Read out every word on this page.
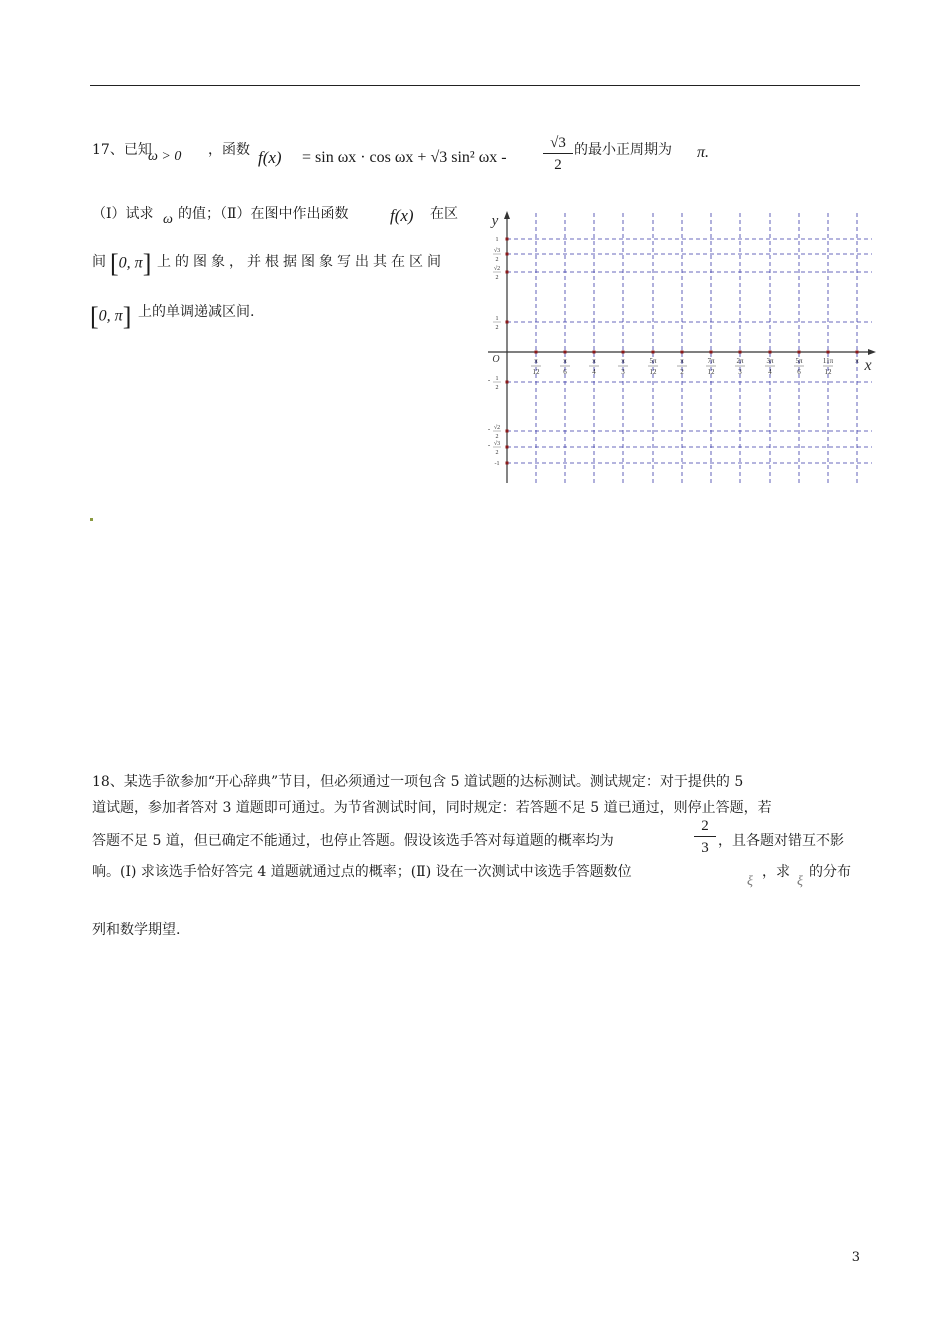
17、已知
ω > 0 ，函数 f(x) = sin ωx · cos ωx + √3 sin² ωx - $\frac{√3}{2}$ 的最小正周期为 π.
（Ⅰ）试求 ω 的值；（Ⅱ）在图中作出函数 f(x) 在区
间 [0, π] 上的图象，并根据图象写出其在区间
[0, π] 上的单调递减区间.
π
12
π
6
π
4
π
3
5π
12
π
2
7π
12
2π
3
3π
4
5π
6
11π
12
π
1
√3
2
√2
2
1
2
- 1
2
- √2
2
- √3
2
-1
y
x
O
18、某选手欲参加“开心辞典”节目，但必须通过一项包含 5 道试题的达标测试。测试规定：对于提供的 5
道试题，参加者答对 3 道题即可通过。为节省测试时间，同时规定：若答题不足 5 道已通过，则停止答题，若
答题不足 5 道，但已确定不能通过，也停止答题。假设该选手答对每道题的概率均为	$\frac{2}{3}$ ，且各题对错互不影
响。(Ⅰ) 求该选手恰好答完 4 道题就通过点的概率；(Ⅱ) 设在一次测试中该选手答题数位
ξ
，求
ξ
的分布
列和数学期望.
3
